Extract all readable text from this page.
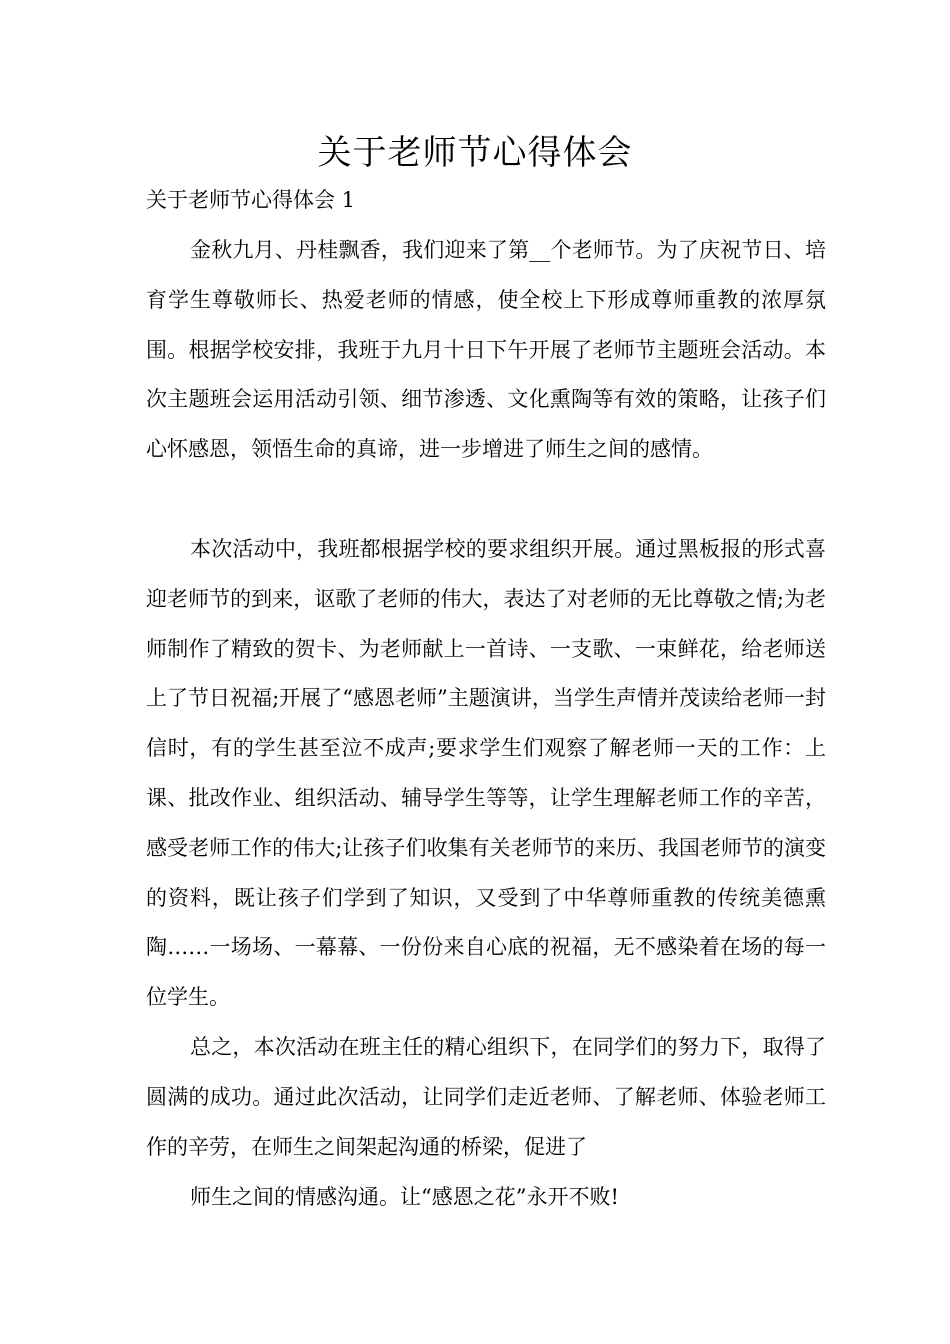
关于老师节心得体会

关于老师节心得体会 1

金秋九月、丹桂飘香，我们迎来了第__个老师节。为了庆祝节日、培育学生尊敬师长、热爱老师的情感，使全校上下形成尊师重教的浓厚氛围。根据学校安排，我班于九月十日下午开展了老师节主题班会活动。本次主题班会运用活动引领、细节渗透、文化熏陶等有效的策略，让孩子们心怀感恩，领悟生命的真谛，进一步增进了师生之间的感情。

本次活动中，我班都根据学校的要求组织开展。通过黑板报的形式喜迎老师节的到来，讴歌了老师的伟大，表达了对老师的无比尊敬之情;为老师制作了精致的贺卡、为老师献上一首诗、一支歌、一束鲜花，给老师送上了节日祝福;开展了“感恩老师”主题演讲，当学生声情并茂读给老师一封信时，有的学生甚至泣不成声;要求学生们观察了解老师一天的工作：上课、批改作业、组织活动、辅导学生等等，让学生理解老师工作的辛苦，感受老师工作的伟大;让孩子们收集有关老师节的来历、我国老师节的演变的资料，既让孩子们学到了知识，又受到了中华尊师重教的传统美德熏陶……一场场、一幕幕、一份份来自心底的祝福，无不感染着在场的每一位学生。

总之，本次活动在班主任的精心组织下，在同学们的努力下，取得了圆满的成功。通过此次活动，让同学们走近老师、了解老师、体验老师工作的辛劳，在师生之间架起沟通的桥梁，促进了

师生之间的情感沟通。让“感恩之花”永开不败!
